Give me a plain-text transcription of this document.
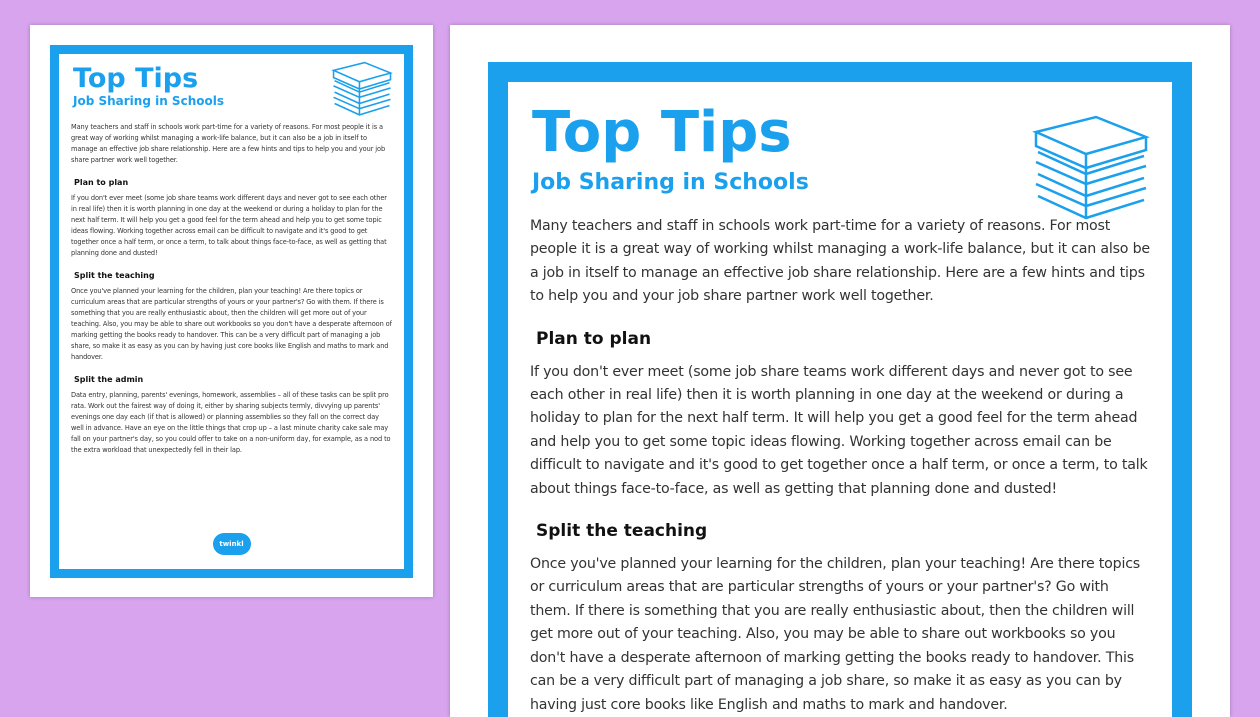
Top Tips
Job Sharing in Schools

Many teachers and staff in schools work part-time for a variety of reasons. For most people it is a great way of working whilst managing a work-life balance, but it can also be a job in itself to manage an effective job share relationship. Here are a few hints and tips to help you and your job share partner work well together.

Plan to plan

If you don't ever meet (some job share teams work different days and never got to see each other in real life) then it is worth planning in one day at the weekend or during a holiday to plan for the next half term. It will help you get a good feel for the term ahead and help you to get some topic ideas flowing. Working together across email can be difficult to navigate and it's good to get together once a half term, or once a term, to talk about things face-to-face, as well as getting that planning done and dusted!

Split the teaching

Once you've planned your learning for the children, plan your teaching! Are there topics or curriculum areas that are particular strengths of yours or your partner's? Go with them. If there is something that you are really enthusiastic about, then the children will get more out of your teaching. Also, you may be able to share out workbooks so you don't have a desperate afternoon of marking getting the books ready to handover. This can be a very difficult part of managing a job share, so make it as easy as you can by having just core books like English and maths to mark and handover.

Split the admin

Data entry, planning, parents' evenings, homework, assemblies – all of these tasks can be split pro rata. Work out the fairest way of doing it, either by sharing subjects termly, divvying up parents' evenings one day each (if that is allowed) or planning assemblies so they fall on the correct day well in advance. Have an eye on the little things that crop up – a last minute charity cake sale may fall on your partner's day, so you could offer to take on a non-uniform day, for example, as a nod to the extra workload that unexpectedly fell in their lap.

twinkl
Top Tips
Job Sharing in Schools

Many teachers and staff in schools work part-time for a variety of reasons. For most people it is a great way of working whilst managing a work-life balance, but it can also be a job in itself to manage an effective job share relationship. Here are a few hints and tips to help you and your job share partner work well together.

Plan to plan

If you don't ever meet (some job share teams work different days and never got to see each other in real life) then it is worth planning in one day at the weekend or during a holiday to plan for the next half term. It will help you get a good feel for the term ahead and help you to get some topic ideas flowing. Working together across email can be difficult to navigate and it's good to get together once a half term, or once a term, to talk about things face-to-face, as well as getting that planning done and dusted!

Split the teaching

Once you've planned your learning for the children, plan your teaching! Are there topics or curriculum areas that are particular strengths of yours or your partner's? Go with them. If there is something that you are really enthusiastic about, then the children will get more out of your teaching. Also, you may be able to share out workbooks so you don't have a desperate afternoon of marking getting the books ready to handover. This can be a very difficult part of managing a job share, so make it as easy as you can by having just core books like English and maths to mark and handover.
